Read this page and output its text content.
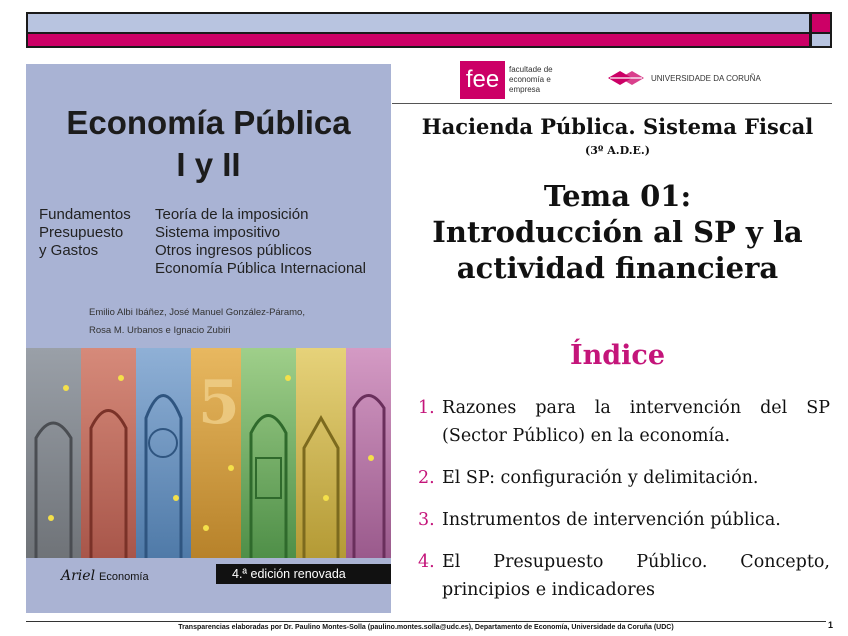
Economía Pública
I y II
Fundamentos
Presupuesto
y Gastos
Teoría de la imposición
Sistema impositivo
Otros ingresos públicos
Economía Pública Internacional
Emilio Albi Ibáñez, José Manuel González-Páramo,
Rosa M. Urbanos e Ignacio Zubiri
5
Ariel Economía	4.ª edición renovada
fee	facultade de
economía e
empresa
UNIVERSIDADE DA CORUÑA
Hacienda Pública. Sistema Fiscal
(3º A.D.E.)
Tema 01:
Introducción al SP y la
actividad financiera
Índice
1. Razones para la intervención del SP (Sector Público) en la economía.
2. El SP: configuración y delimitación.
3. Instrumentos de intervención pública.
4. El Presupuesto Público. Concepto, principios e indicadores
Transparencias elaboradas por Dr. Paulino Montes-Solla (paulino.montes.solla@udc.es), Departamento de Economía, Universidade da Coruña (UDC)	1
